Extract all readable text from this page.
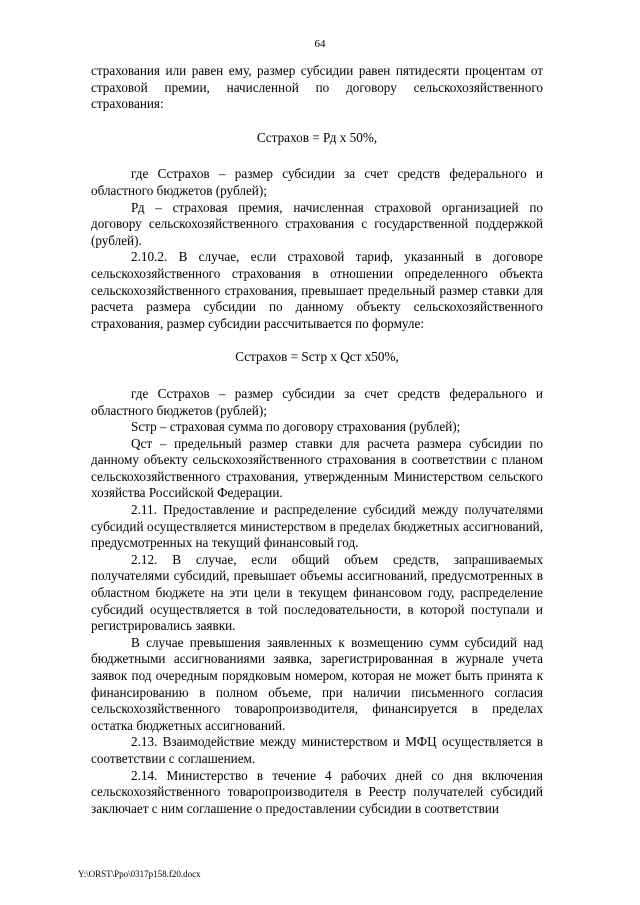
64

страхования или равен ему, размер субсидии равен пятидесяти процентам от страховой премии, начисленной по договору сельскохозяйственного страхования:

Сстрахов = Рд х 50%,

где Сстрахов – размер субсидии за счет средств федерального и областного бюджетов (рублей);

Рд – страховая премия, начисленная страховой организацией по договору сельскохозяйственного страхования с государственной поддержкой (рублей).

2.10.2. В случае, если страховой тариф, указанный в договоре сельскохозяйственного страхования в отношении определенного объекта сельскохозяйственного страхования, превышает предельный размер ставки для расчета размера субсидии по данному объекту сельскохозяйственного страхования, размер субсидии рассчитывается по формуле:

Сстрахов = Sстр х Qст х50%,

где Сстрахов – размер субсидии за счет средств федерального и областного бюджетов (рублей);

Sстр – страховая сумма по договору страхования (рублей);

Qст – предельный размер ставки для расчета размера субсидии по данному объекту сельскохозяйственного страхования в соответствии с планом сельскохозяйственного страхования, утвержденным Министерством сельского хозяйства Российской Федерации.

2.11. Предоставление и распределение субсидий между получателями субсидий осуществляется министерством в пределах бюджетных ассигнований, предусмотренных на текущий финансовый год.

2.12. В случае, если общий объем средств, запрашиваемых получателями субсидий, превышает объемы ассигнований, предусмотренных в областном бюджете на эти цели в текущем финансовом году, распределение субсидий осуществляется в той последовательности, в которой поступали и регистрировались заявки.

В случае превышения заявленных к возмещению сумм субсидий над бюджетными ассигнованиями заявка, зарегистрированная в журнале учета заявок под очередным порядковым номером, которая не может быть принята к финансированию в полном объеме, при наличии письменного согласия сельскохозяйственного товаропроизводителя, финансируется в пределах остатка бюджетных ассигнований.

2.13. Взаимодействие между министерством и МФЦ осуществляется в соответствии с соглашением.

2.14. Министерство в течение 4 рабочих дней со дня включения сельскохозяйственного товаропроизводителя в Реестр получателей субсидий заключает с ним соглашение о предоставлении субсидии в соответствии

Y:\ORST\Ppo\0317p158.f20.docx
